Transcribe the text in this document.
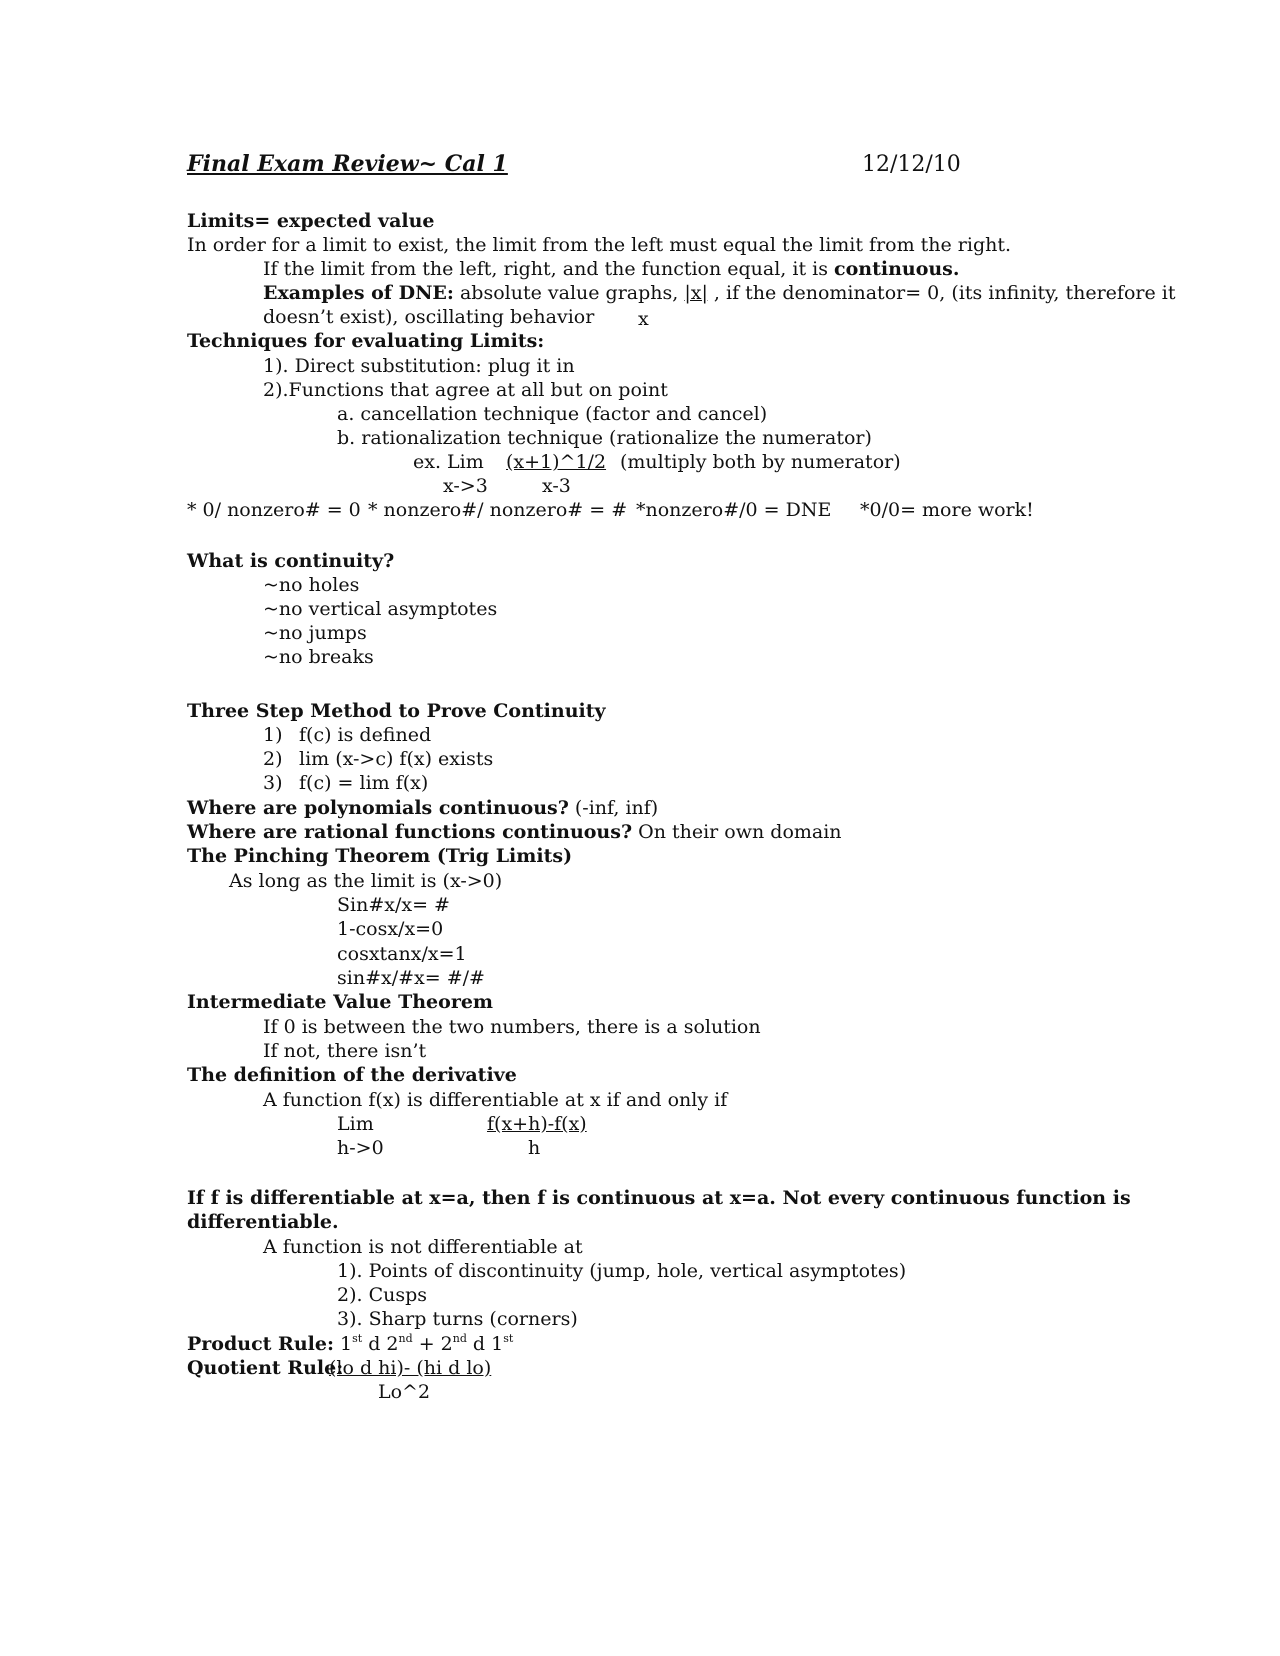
Final Exam Review~ Cal 1	12/12/10
Limits= expected value
In order for a limit to exist, the limit from the left must equal the limit from the right.
If the limit from the left, right, and the function equal, it is continuous.
Examples of DNE: absolute value graphs, |x| , if the denominator= 0, (its infinity, therefore it
doesn’t exist), oscillating behavior x
Techniques for evaluating Limits:
1). Direct substitution: plug it in
2).Functions that agree at all but on point
a. cancellation technique (factor and cancel)
b. rationalization technique (rationalize the numerator)
ex. Lim (x+1)^1/2 (multiply both by numerator)
x->3	x-3
* 0/ nonzero# = 0 * nonzero#/ nonzero# = # *nonzero#/0 = DNE *0/0= more work!
What is continuity?
~no holes
~no vertical asymptotes
~no jumps
~no breaks
Three Step Method to Prove Continuity
1) f(c) is defined
2) lim (x->c) f(x) exists
3) f(c) = lim f(x)
Where are polynomials continuous? (-inf, inf)
Where are rational functions continuous? On their own domain
The Pinching Theorem (Trig Limits)
As long as the limit is (x->0)
Sin#x/x= #
1-cosx/x=0
cosxtanx/x=1
sin#x/#x= #/#
Intermediate Value Theorem
If 0 is between the two numbers, there is a solution
If not, there isn’t
The definition of the derivative
A function f(x) is differentiable at x if and only if
Lim	f(x+h)-f(x)
h->0	h
If f is differentiable at x=a, then f is continuous at x=a. Not every continuous function is
differentiable.
A function is not differentiable at
1). Points of discontinuity (jump, hole, vertical asymptotes)
2). Cusps
3). Sharp turns (corners)
Product Rule: 1st d 2nd + 2nd d 1st
Quotient Rule:
(lo d hi)- (hi d lo)
Lo^2
